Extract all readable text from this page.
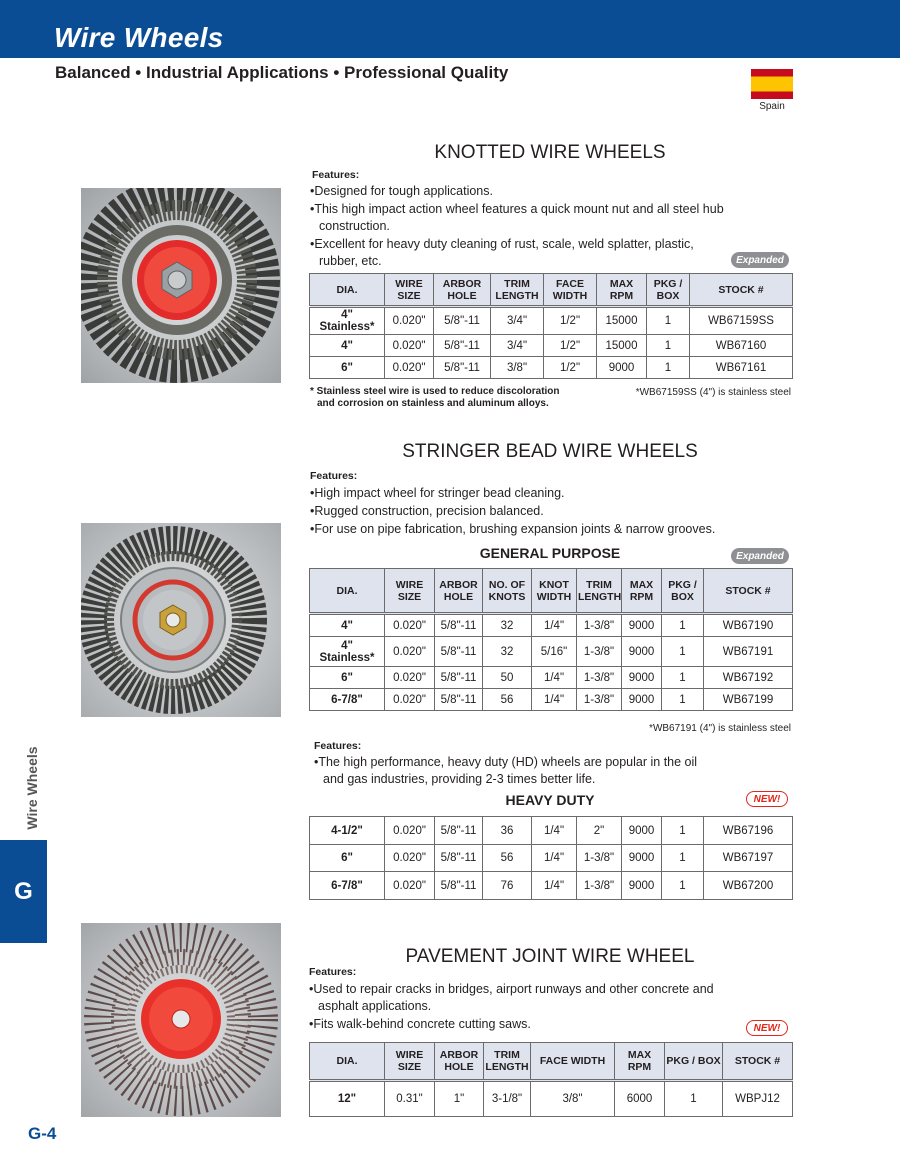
Wire Wheels
Balanced • Industrial Applications • Professional Quality
Spain
Wire Wheels
G
KNOTTED WIRE WHEELS
Features:
• Designed for tough applications.
• This high impact action wheel features a quick mount nut and all steel hub construction.
• Excellent for heavy duty cleaning of rust, scale, weld splatter, plastic, rubber, etc.	Expanded
DIA.	WIRE SIZE	ARBOR HOLE	TRIM LENGTH	FACE WIDTH	MAX RPM	PKG / BOX	STOCK #
4"
Stainless*	0.020"	5/8"-11	3/4"	1/2"	15000	1	WB67159SS
4"	0.020"	5/8"-11	3/4"	1/2"	15000	1	WB67160
6"	0.020"	5/8"-11	3/8"	1/2"	9000	1	WB67161
* Stainless steel wire is used to reduce discoloration
and corrosion on stainless and aluminum alloys.
*WB67159SS (4") is stainless steel
STRINGER BEAD WIRE WHEELS
Features:
• High impact wheel for stringer bead cleaning.
• Rugged construction, precision balanced.
• For use on pipe fabrication, brushing expansion joints & narrow grooves.
GENERAL PURPOSE	Expanded
DIA.	WIRE SIZE	ARBOR HOLE	NO. OF KNOTS	KNOT WIDTH	TRIM LENGTH	MAX RPM	PKG / BOX	STOCK #
4"	0.020"	5/8"-11	32	1/4"	1-3/8"	9000	1	WB67190
4"
Stainless*	0.020"	5/8"-11	32	5/16"	1-3/8"	9000	1	WB67191
6"	0.020"	5/8"-11	50	1/4"	1-3/8"	9000	1	WB67192
6-7/8"	0.020"	5/8"-11	56	1/4"	1-3/8"	9000	1	WB67199
*WB67191 (4") is stainless steel
Features:
• The high performance, heavy duty (HD) wheels are popular in the oil and gas industries, providing 2-3 times better life.
HEAVY DUTY	NEW!
4-1/2"	0.020"	5/8"-11	36	1/4"	2"	9000	1	WB67196
6"	0.020"	5/8"-11	56	1/4"	1-3/8"	9000	1	WB67197
6-7/8"	0.020"	5/8"-11	76	1/4"	1-3/8"	9000	1	WB67200
PAVEMENT JOINT WIRE WHEEL
Features:
• Used to repair cracks in bridges, airport runways and other concrete and asphalt applications.
• Fits walk-behind concrete cutting saws.	NEW!
DIA.	WIRE SIZE	ARBOR HOLE	TRIM LENGTH	FACE WIDTH	MAX RPM	PKG / BOX	STOCK #
12"	0.31"	1"	3-1/8"	3/8"	6000	1	WBPJ12
G-4
